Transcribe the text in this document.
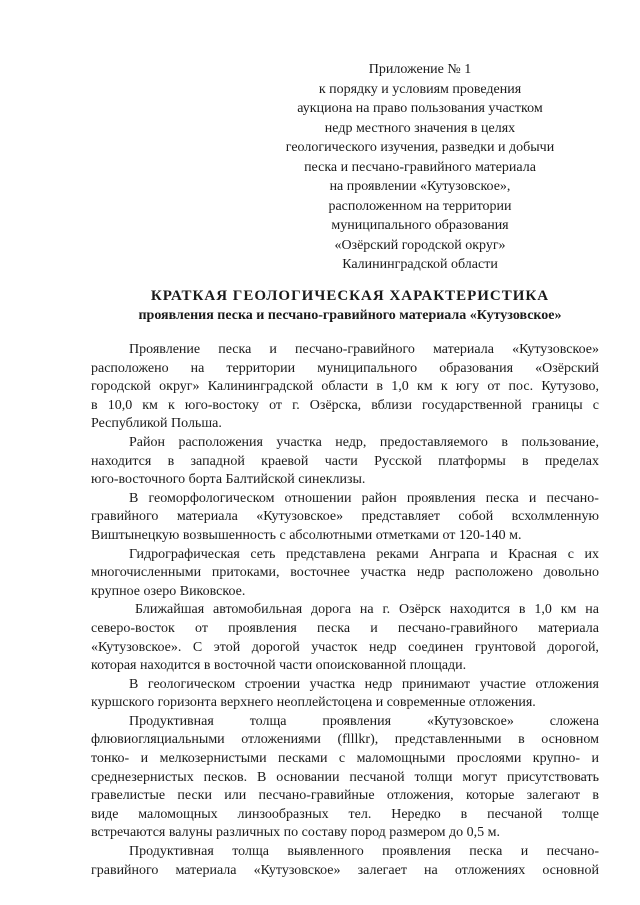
Приложение № 1
к порядку и условиям проведения
аукциона на право пользования участком
недр местного значения в целях
геологического изучения, разведки и добычи
песка и песчано-гравийного материала
на проявлении «Кутузовское»,
расположенном на территории
муниципального образования
«Озёрский городской округ»
Калининградской области
КРАТКАЯ ГЕОЛОГИЧЕСКАЯ ХАРАКТЕРИСТИКА
проявления песка и песчано-гравийного материала «Кутузовское»
Проявление песка и песчано-гравийного материала «Кутузовское»
расположено на территории муниципального образования «Озёрский
городской округ» Калининградской области в 1,0 км к югу от пос. Кутузово,
в 10,0 км к юго-востоку от г. Озёрска, вблизи государственной границы с
Республикой Польша.
Район расположения участка недр, предоставляемого в пользование,
находится в западной краевой части Русской платформы в пределах
юго-восточного борта Балтийской синеклизы.
В геоморфологическом отношении район проявления песка и песчано-
гравийного материала «Кутузовское» представляет собой всхолмленную
Виштынецкую возвышенность с абсолютными отметками от 120-140 м.
Гидрографическая сеть представлена реками Ангрaпа и Красная с их
многочисленными притоками, восточнее участка недр расположено довольно
крупное озеро Виковское.
Ближайшая автомобильная дорога на г. Озёрск находится в 1,0 км на
северо-восток от проявления песка и песчано-гравийного материала
«Кутузовское». С этой дорогой участок недр соединен грунтовой дорогой,
которая находится в восточной части опоискованной площади.
В геологическом строении участка недр принимают участие отложения
куршского горизонта верхнего неоплейстоцена и современные отложения.
Продуктивная	толща	проявления	«Кутузовское»	сложена
флювиогляциальными отложениями (flllkr), представленными в основном
тонко- и мелкозернистыми песками с маломощными прослоями крупно- и
среднезернистых песков. В основании песчаной толщи могут присутствовать
гравелистые пески или песчано-гравийные отложения, которые залегают в
виде маломощных линзообразных тел. Нередко в песчаной толще
встречаются валуны различных по составу пород размером до 0,5 м.
Продуктивная толща выявленного проявления песка и песчано-
гравийного материала «Кутузовское» залегает на отложениях основной
